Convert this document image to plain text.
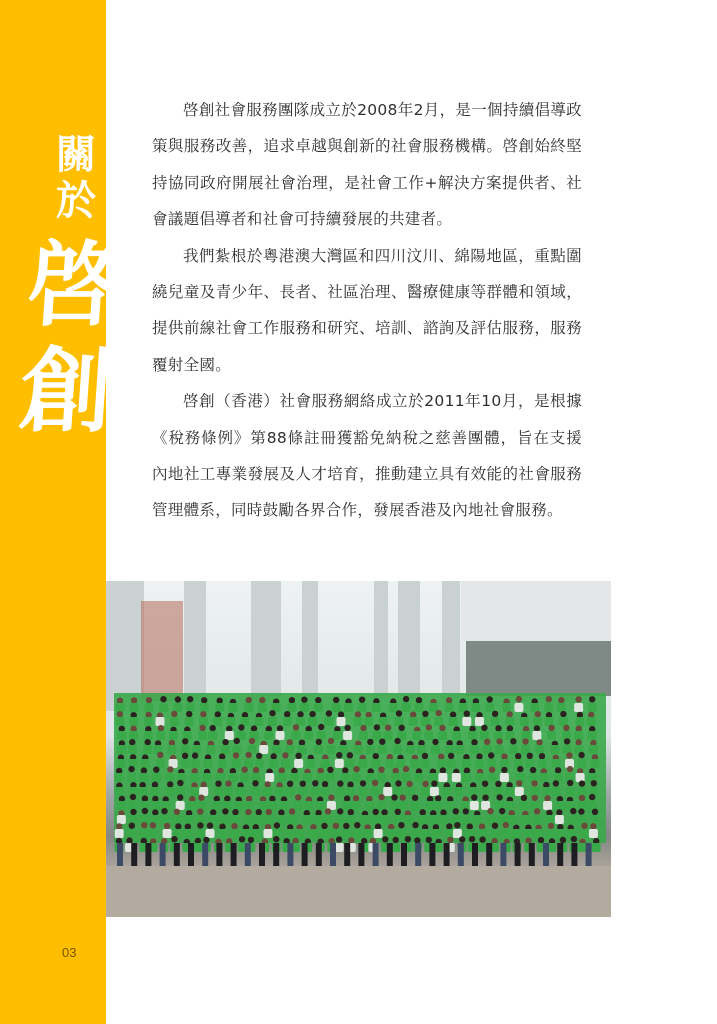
關
於
啓
創
03

啓創社會服務團隊成立於2008年2月，是一個持續倡導政策與服務改善，追求卓越與創新的社會服務機構。啓創始終堅持協同政府開展社會治理，是社會工作+解決方案提供者、社會議題倡導者和社會可持續發展的共建者。

我們紮根於粵港澳大灣區和四川汶川、綿陽地區，重點圍繞兒童及青少年、長者、社區治理、醫療健康等群體和領域，提供前線社會工作服務和研究、培訓、諮詢及評估服務，服務覆射全國。

啓創（香港）社會服務網絡成立於2011年10月，是根據《稅務條例》第88條註冊獲豁免納稅之慈善團體，旨在支援內地社工專業發展及人才培育，推動建立具有效能的社會服務管理體系，同時鼓勵各界合作，發展香港及內地社會服務。
